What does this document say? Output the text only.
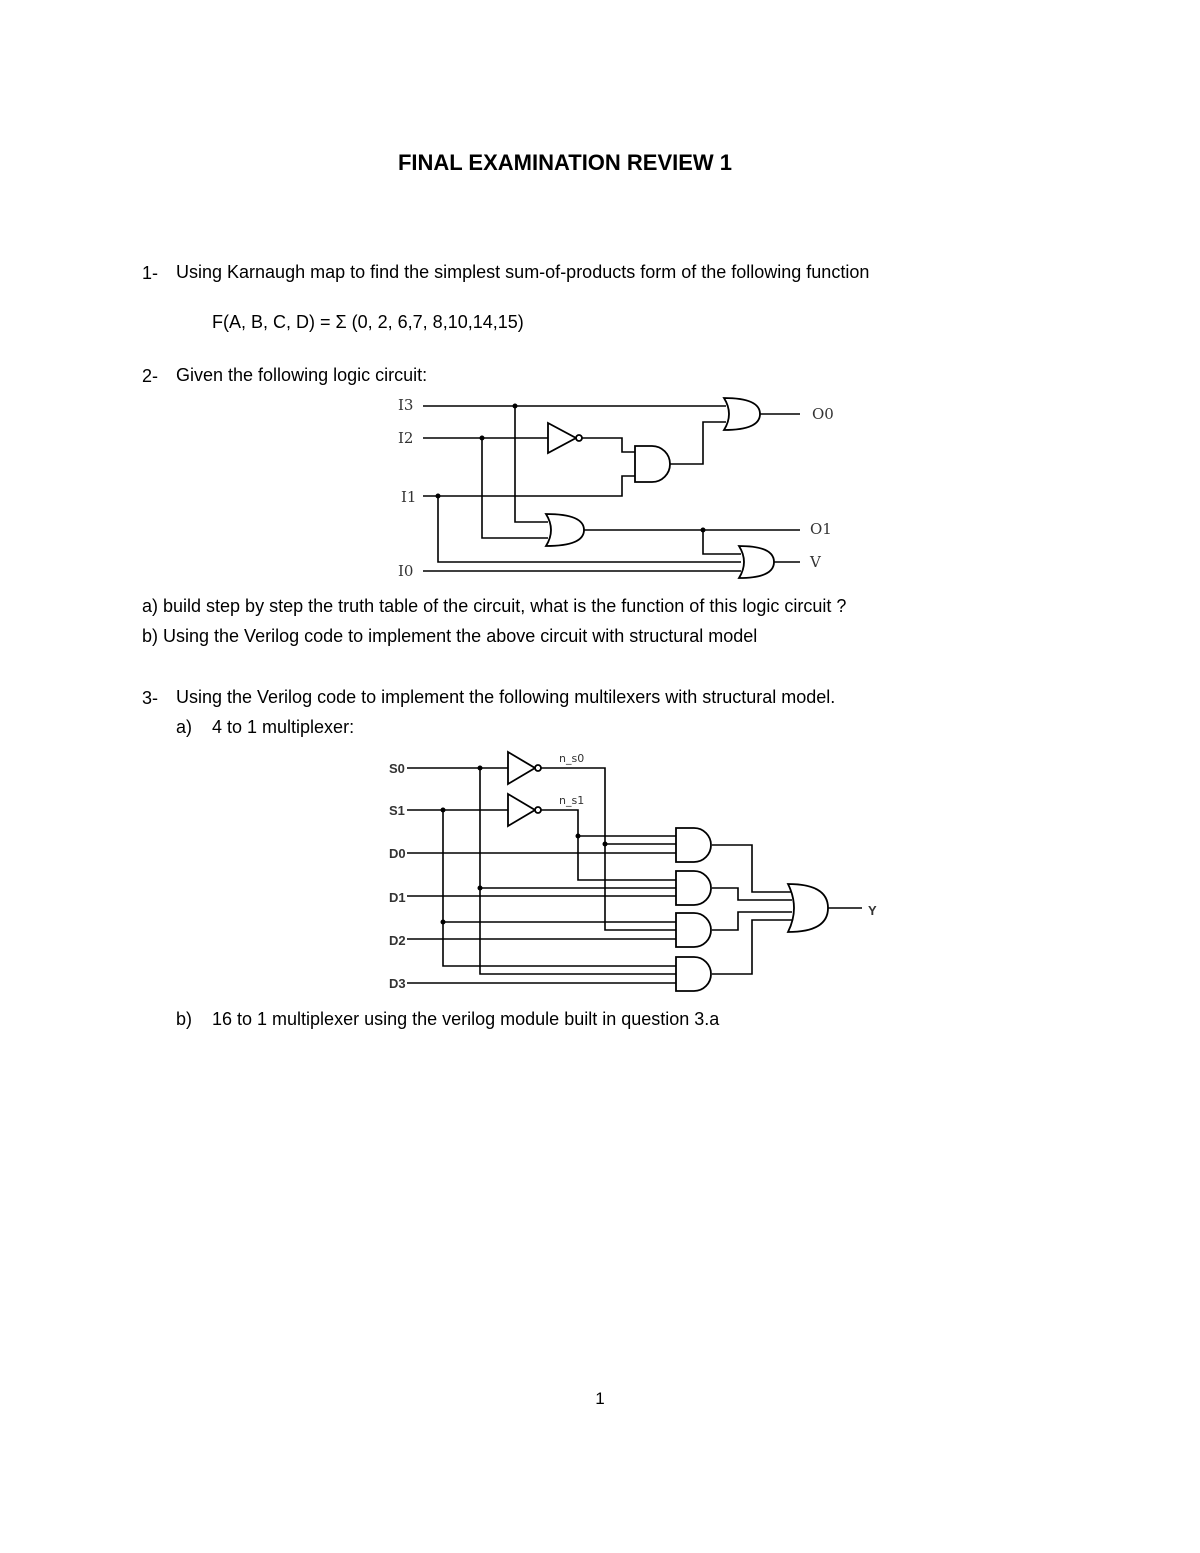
FINAL EXAMINATION REVIEW 1
1- Using Karnaugh map to find the simplest sum-of-products form of the following function
F(A, B, C, D) = Σ (0, 2, 6,7, 8,10,14,15)
2- Given the following logic circuit:
I3
I2
I1
I0
O0
O1
V
a) build step by step the truth table of the circuit, what is the function of this logic circuit ?
b) Using the Verilog code to implement the above circuit with structural model
3- Using the Verilog code to implement the following multilexers with structural model.
a) 4 to 1 multiplexer:
S0
S1
D0
D1
D2
D3
n_s0
n_s1
Y
b) 16 to 1 multiplexer using the verilog module built in question 3.a
1
